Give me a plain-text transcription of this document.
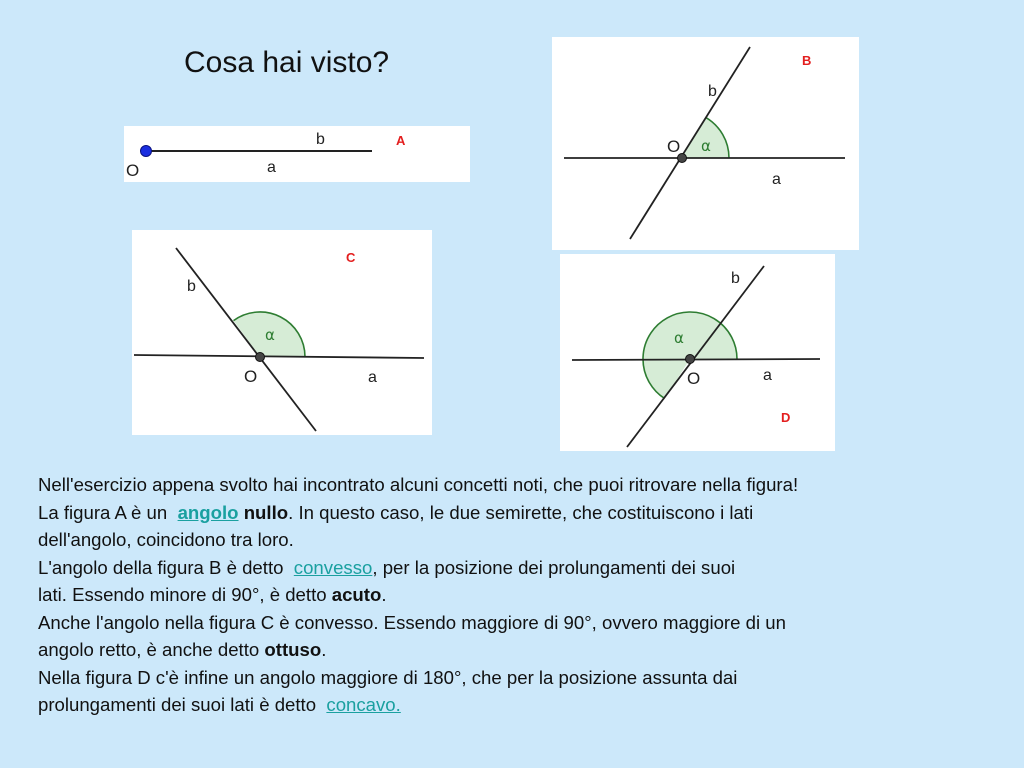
Cosa hai visto?
b
a
O
A	α
O
b
a
B
α
O
b
a
C
α
O
b
a
D

Nell'esercizio appena svolto hai incontrato alcuni concetti noti, che puoi ritrovare nella figura!

La figura A è un  angolo nullo. In questo caso, le due semirette, che costituiscono i lati

dell'angolo, coincidono tra loro.

L'angolo della figura B è detto  convesso, per la posizione dei prolungamenti dei suoi

lati. Essendo minore di 90°, è detto acuto.

Anche l'angolo nella figura C è convesso. Essendo maggiore di 90°, ovvero maggiore di un

angolo retto, è anche detto ottuso.

Nella figura D c'è infine un angolo maggiore di 180°, che per la posizione assunta dai

prolungamenti dei suoi lati è detto  concavo.
